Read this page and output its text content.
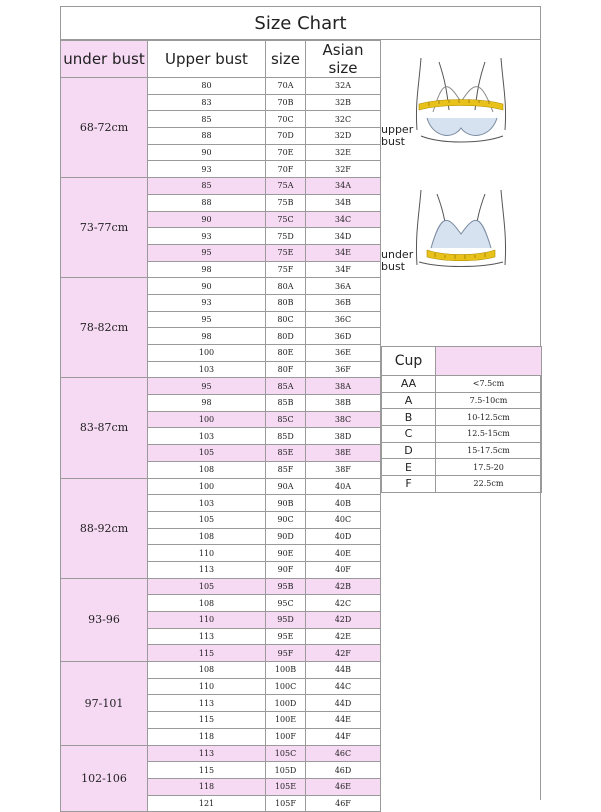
Size Chart
under bust	Upper bust	size	Asian size
68-72cm	80	70A	32A
	83	70B	32B
	85	70C	32C
	88	70D	32D
	90	70E	32E
	93	70F	32F
73-77cm	85	75A	34A
	88	75B	34B
	90	75C	34C
	93	75D	34D
	95	75E	34E
	98	75F	34F
78-82cm	90	80A	36A
	93	80B	36B
	95	80C	36C
	98	80D	36D
	100	80E	36E
	103	80F	36F
83-87cm	95	85A	38A
	98	85B	38B
	100	85C	38C
	103	85D	38D
	105	85E	38E
	108	85F	38F
88-92cm	100	90A	40A
	103	90B	40B
	105	90C	40C
	108	90D	40D
	110	90E	40E
	113	90F	40F
93-96	105	95B	42B
	108	95C	42C
	110	95D	42D
	113	95E	42E
	115	95F	42F
97-101	108	100B	44B
	110	100C	44C
	113	100D	44D
	115	100E	44E
	118	100F	44F
102-106	113	105C	46C
	115	105D	46D
	118	105E	46E
	121	105F	46F
upper
bust
under
bust
Cup	
AA	<7.5cm
A	7.5-10cm
B	10-12.5cm
C	12.5-15cm
D	15-17.5cm
E	17.5-20
F	22.5cm
